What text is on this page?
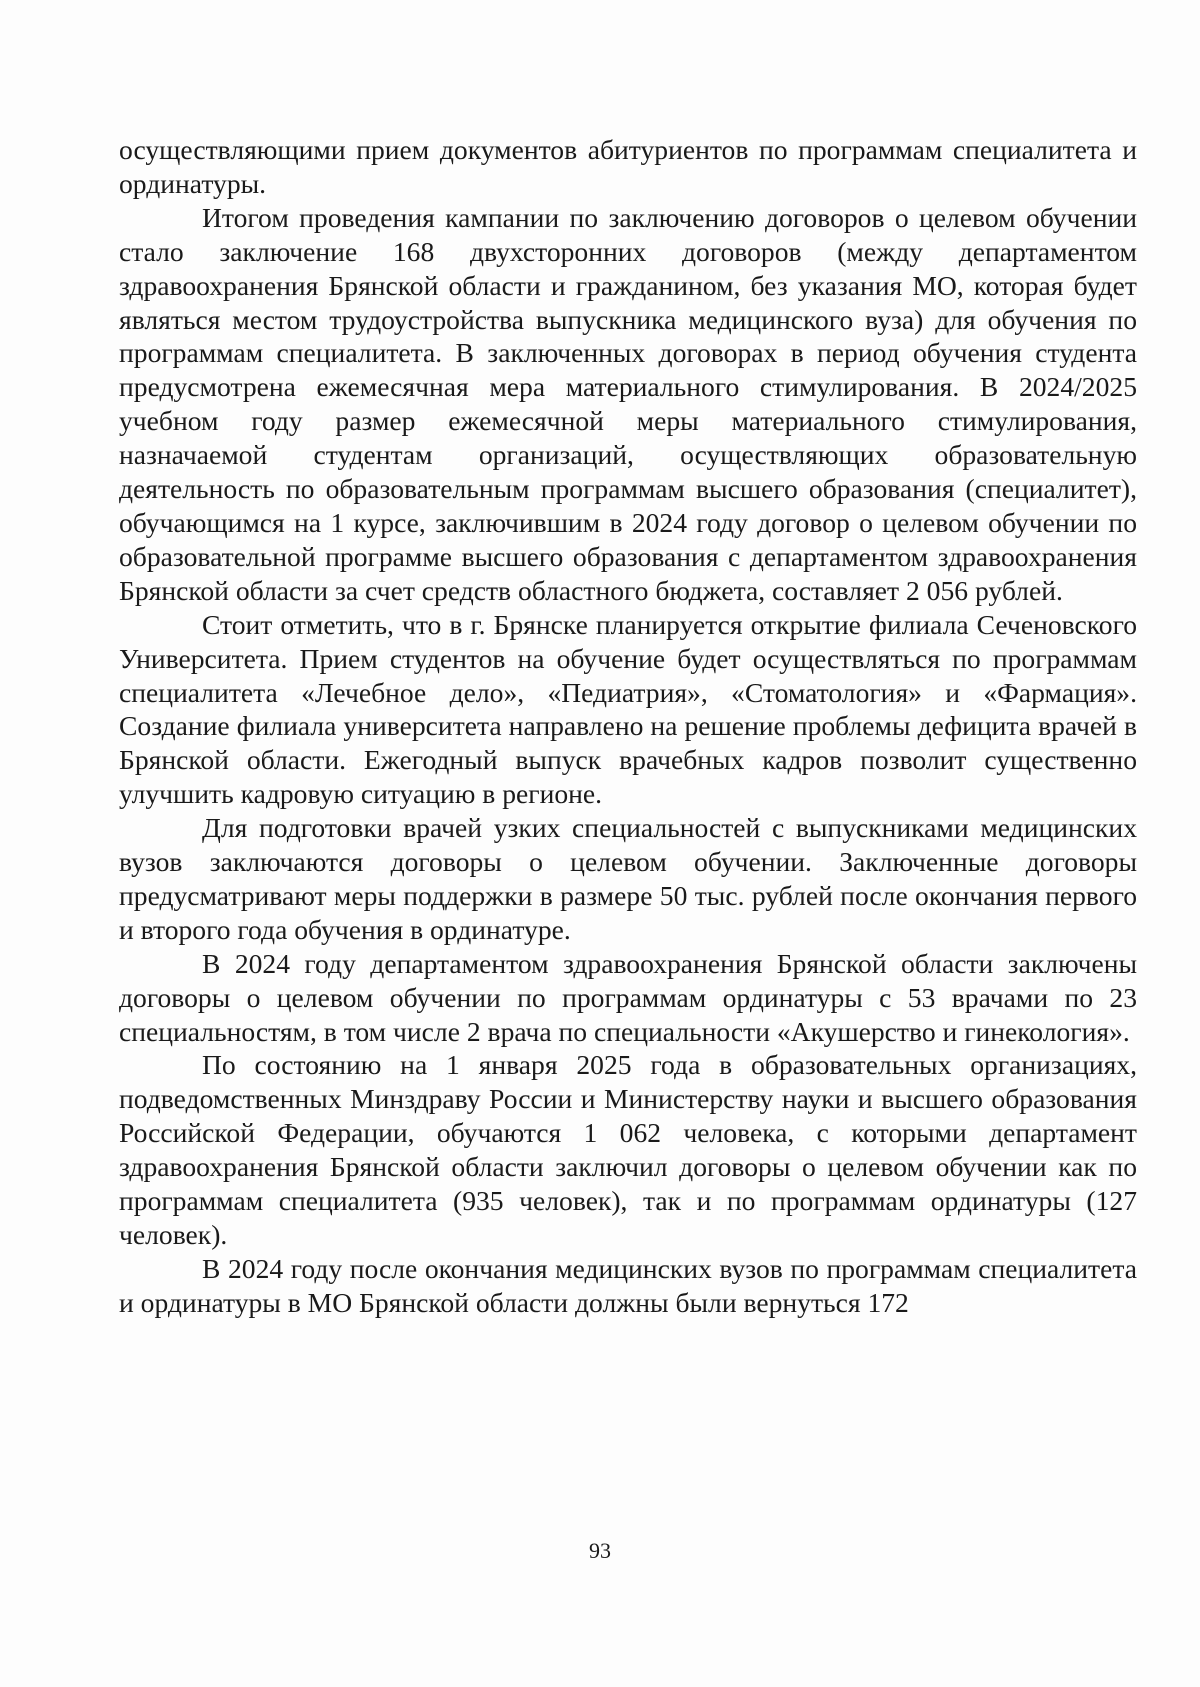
осуществляющими прием документов абитуриентов по программам специалитета и ординатуры.

Итогом проведения кампании по заключению договоров о целевом обучении стало заключение 168 двухсторонних договоров (между департаментом здравоохранения Брянской области и гражданином, без указания МО, которая будет являться местом трудоустройства выпускника медицинского вуза) для обучения по программам специалитета. В заключенных договорах в период обучения студента предусмотрена ежемесячная мера материального стимулирования. В 2024/2025 учебном году размер ежемесячной меры материального стимулирования, назначаемой студентам организаций, осуществляющих образовательную деятельность по образовательным программам высшего образования (специалитет), обучающимся на 1 курсе, заключившим в 2024 году договор о целевом обучении по образовательной программе высшего образования с департаментом здравоохранения Брянской области за счет средств областного бюджета, составляет 2 056 рублей.

Стоит отметить, что в г. Брянске планируется открытие филиала Сеченовского Университета. Прием студентов на обучение будет осуществляться по программам специалитета «Лечебное дело», «Педиатрия», «Стоматология» и «Фармация». Создание филиала университета направлено на решение проблемы дефицита врачей в Брянской области. Ежегодный выпуск врачебных кадров позволит существенно улучшить кадровую ситуацию в регионе.

Для подготовки врачей узких специальностей с выпускниками медицинских вузов заключаются договоры о целевом обучении. Заключенные договоры предусматривают меры поддержки в размере 50 тыс. рублей после окончания первого и второго года обучения в ординатуре.

В 2024 году департаментом здравоохранения Брянской области заключены договоры о целевом обучении по программам ординатуры с 53 врачами по 23 специальностям, в том числе 2 врача по специальности «Акушерство и гинекология».

По состоянию на 1 января 2025 года в образовательных организациях, подведомственных Минздраву России и Министерству науки и высшего образования Российской Федерации, обучаются 1 062 человека, с которыми департамент здравоохранения Брянской области заключил договоры о целевом обучении как по программам специалитета (935 человек), так и по программам ординатуры (127 человек).

В 2024 году после окончания медицинских вузов по программам специалитета и ординатуры в МО Брянской области должны были вернуться 172

93
